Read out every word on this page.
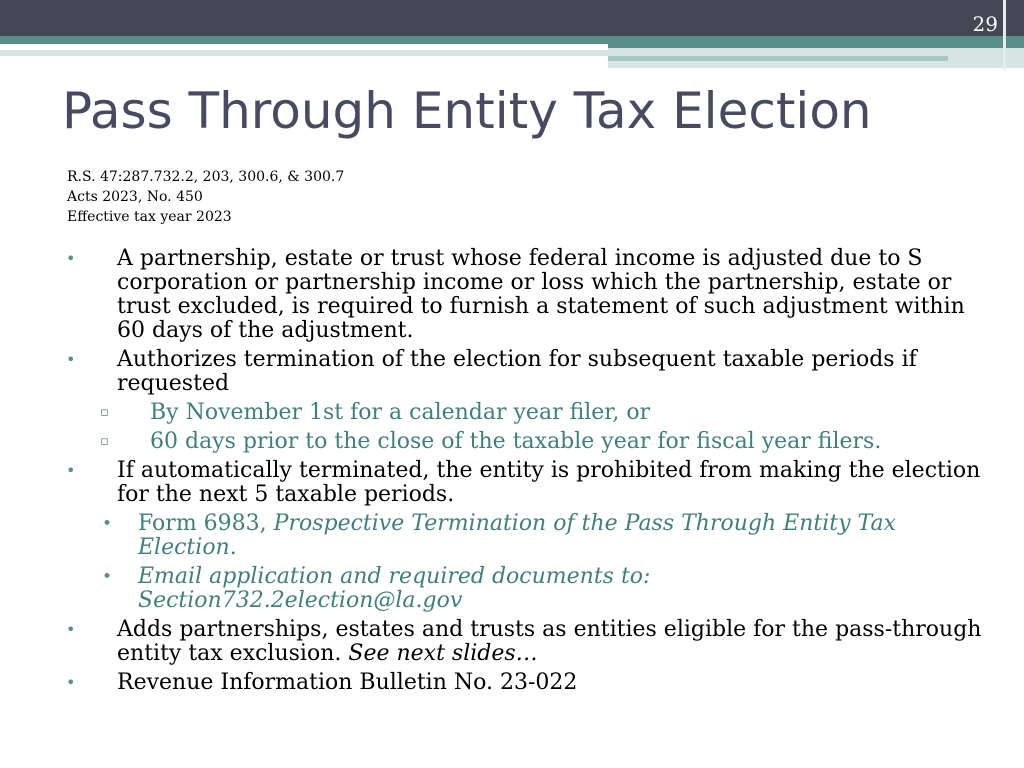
29
Pass Through Entity Tax Election
R.S. 47:287.732.2, 203, 300.6, & 300.7
Acts 2023, No. 450
Effective tax year 2023
• A partnership, estate or trust whose federal income is adjusted due to S corporation or partnership income or loss which the partnership, estate or trust excluded, is required to furnish a statement of such adjustment within 60 days of the adjustment.
• Authorizes termination of the election for subsequent taxable periods if requested
▫ By November 1st for a calendar year filer, or
▫ 60 days prior to the close of the taxable year for fiscal year filers.
• If automatically terminated, the entity is prohibited from making the election for the next 5 taxable periods.
• Form 6983, Prospective Termination of the Pass Through Entity Tax Election.
• Email application and required documents to:
Section732.2election@la.gov
• Adds partnerships, estates and trusts as entities eligible for the pass-through entity tax exclusion. See next slides…
• Revenue Information Bulletin No. 23-022
